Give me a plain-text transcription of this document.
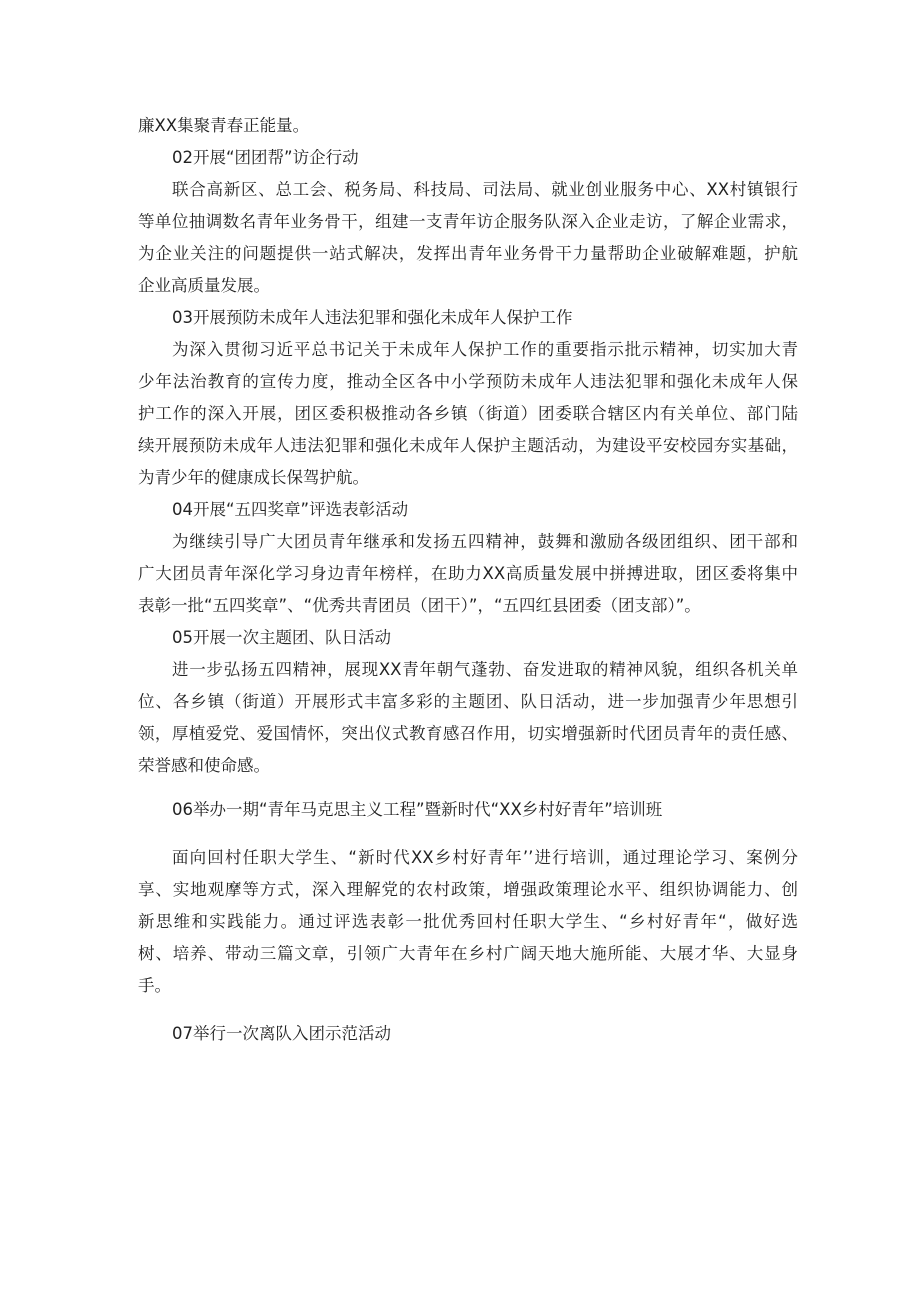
廉XX集聚青春正能量。
02开展“团团帮”访企行动
联合高新区、总工会、税务局、科技局、司法局、就业创业服务中心、XX村镇银行
等单位抽调数名青年业务骨干，组建一支青年访企服务队深入企业走访，了解企业需求，
为企业关注的问题提供一站式解决，发挥出青年业务骨干力量帮助企业破解难题，护航
企业高质量发展。
03开展预防未成年人违法犯罪和强化未成年人保护工作
为深入贯彻习近平总书记关于未成年人保护工作的重要指示批示精神，切实加大青
少年法治教育的宣传力度，推动全区各中小学预防未成年人违法犯罪和强化未成年人保
护工作的深入开展，团区委积极推动各乡镇（街道）团委联合辖区内有关单位、部门陆
续开展预防未成年人违法犯罪和强化未成年人保护主题活动，为建设平安校园夯实基础，
为青少年的健康成长保驾护航。
04开展“五四奖章”评选表彰活动
为继续引导广大团员青年继承和发扬五四精神，鼓舞和激励各级团组织、团干部和
广大团员青年深化学习身边青年榜样，在助力XX高质量发展中拼搏进取，团区委将集中
表彰一批“五四奖章”、“优秀共青团员（团干）”，“五四红县团委（团支部）”。
05开展一次主题团、队日活动
进一步弘扬五四精神，展现XX青年朝气蓬勃、奋发进取的精神风貌，组织各机关单
位、各乡镇（街道）开展形式丰富多彩的主题团、队日活动，进一步加强青少年思想引
领，厚植爱党、爱国情怀，突出仪式教育感召作用，切实增强新时代团员青年的责任感、
荣誉感和使命感。
06举办一期“青年马克思主义工程”暨新时代“XX乡村好青年”培训班
面向回村任职大学生、“新时代XX乡村好青年’’进行培训，通过理论学习、案例分
享、实地观摩等方式，深入理解党的农村政策，增强政策理论水平、组织协调能力、创
新思维和实践能力。通过评选表彰一批优秀回村任职大学生、“乡村好青年“，做好选
树、培养、带动三篇文章，引领广大青年在乡村广阔天地大施所能、大展才华、大显身
手。
07举行一次离队入团示范活动
